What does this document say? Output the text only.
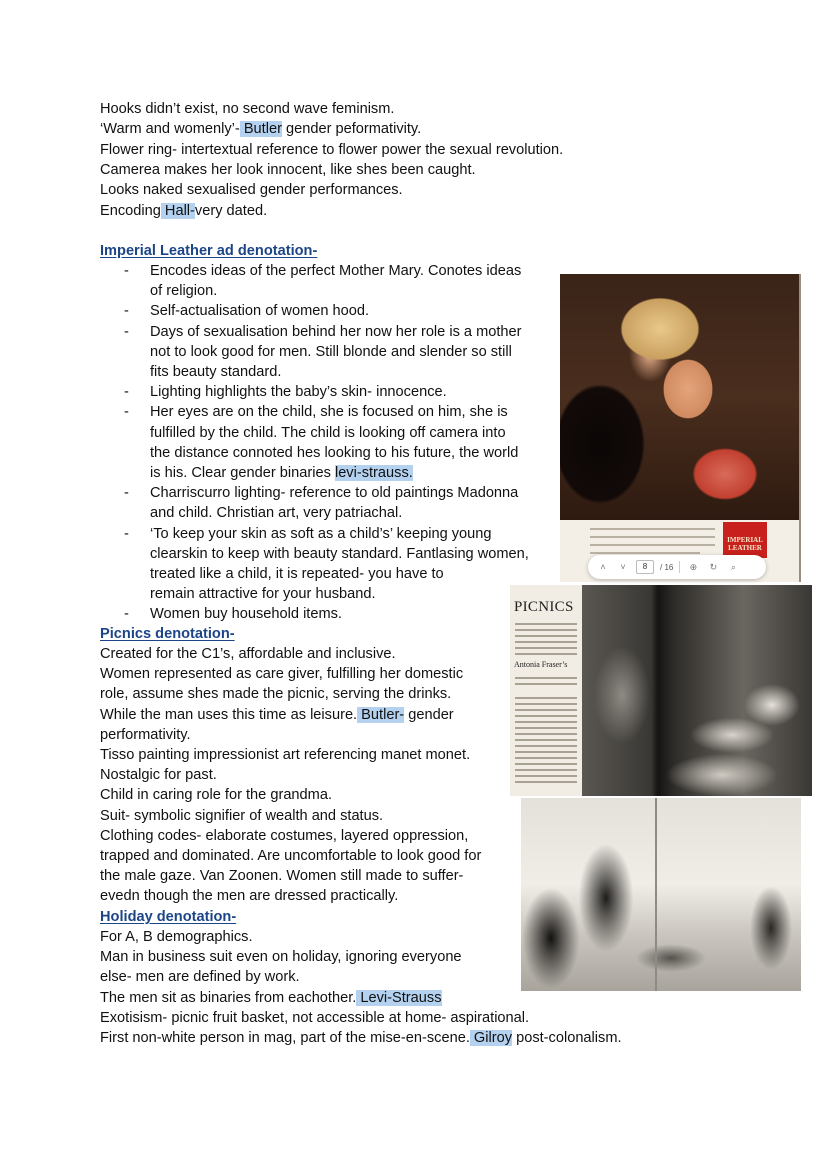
Hooks didn’t exist, no second wave feminism.
‘Warm and womenly’- Butler gender peformativity.
Flower ring- intertextual reference to flower power the sexual revolution.
Camerea makes her look innocent, like shes been caught.
Looks naked sexualised gender performances.
Encoding Hall-very dated.
Imperial Leather ad denotation-
- Encodes ideas of the perfect Mother Mary. Conotes ideas
of religion.
- Self-actualisation of women hood.
- Days of sexualisation behind her now her role is a mother
not to look good for men. Still blonde and slender so still
fits beauty standard.
- Lighting highlights the baby’s skin- innocence.
- Her eyes are on the child, she is focused on him, she is
fulfilled by the child. The child is looking off camera into
the distance connoted hes looking to his future, the world
is his. Clear gender binaries levi-strauss.
- Charriscurro lighting- reference to old paintings Madonna
and child. Christian art, very patriachal.
- ‘To keep your skin as soft as a child’s’ keeping young
clearskin to keep with beauty standard. Fantlasing women,
treated like a child, it is repeated- you have to
remain attractive for your husband.
- Women buy household items.
Picnics denotation-
Created for the C1’s, affordable and inclusive.
Women represented as care giver, fulfilling her domestic
role, assume shes made the picnic, serving the drinks.
While the man uses this time as leisure. Butler- gender
performativity.
Tisso painting impressionist art referencing manet monet.
Nostalgic for past.
Child in caring role for the grandma.
Suit- symbolic signifier of wealth and status.
Clothing codes- elaborate costumes, layered oppression,
trapped and dominated. Are uncomfortable to look good for
the male gaze. Van Zoonen. Women still made to suffer-
evedn though the men are dressed practically.
Holiday denotation-
For A, B demographics.
Man in business suit even on holiday, ignoring everyone
else- men are defined by work.
The men sit as binaries from eachother. Levi-Strauss
Exotisism- picnic fruit basket, not accessible at home- aspirational.
First non-white person in mag, part of the mise-en-scene. Gilroy post-colonalism.
IMPERIAL LEATHER
˄	˅	8	/ 16	⊕	↻	⌕
PICNICS
Antonia Fraser’s
